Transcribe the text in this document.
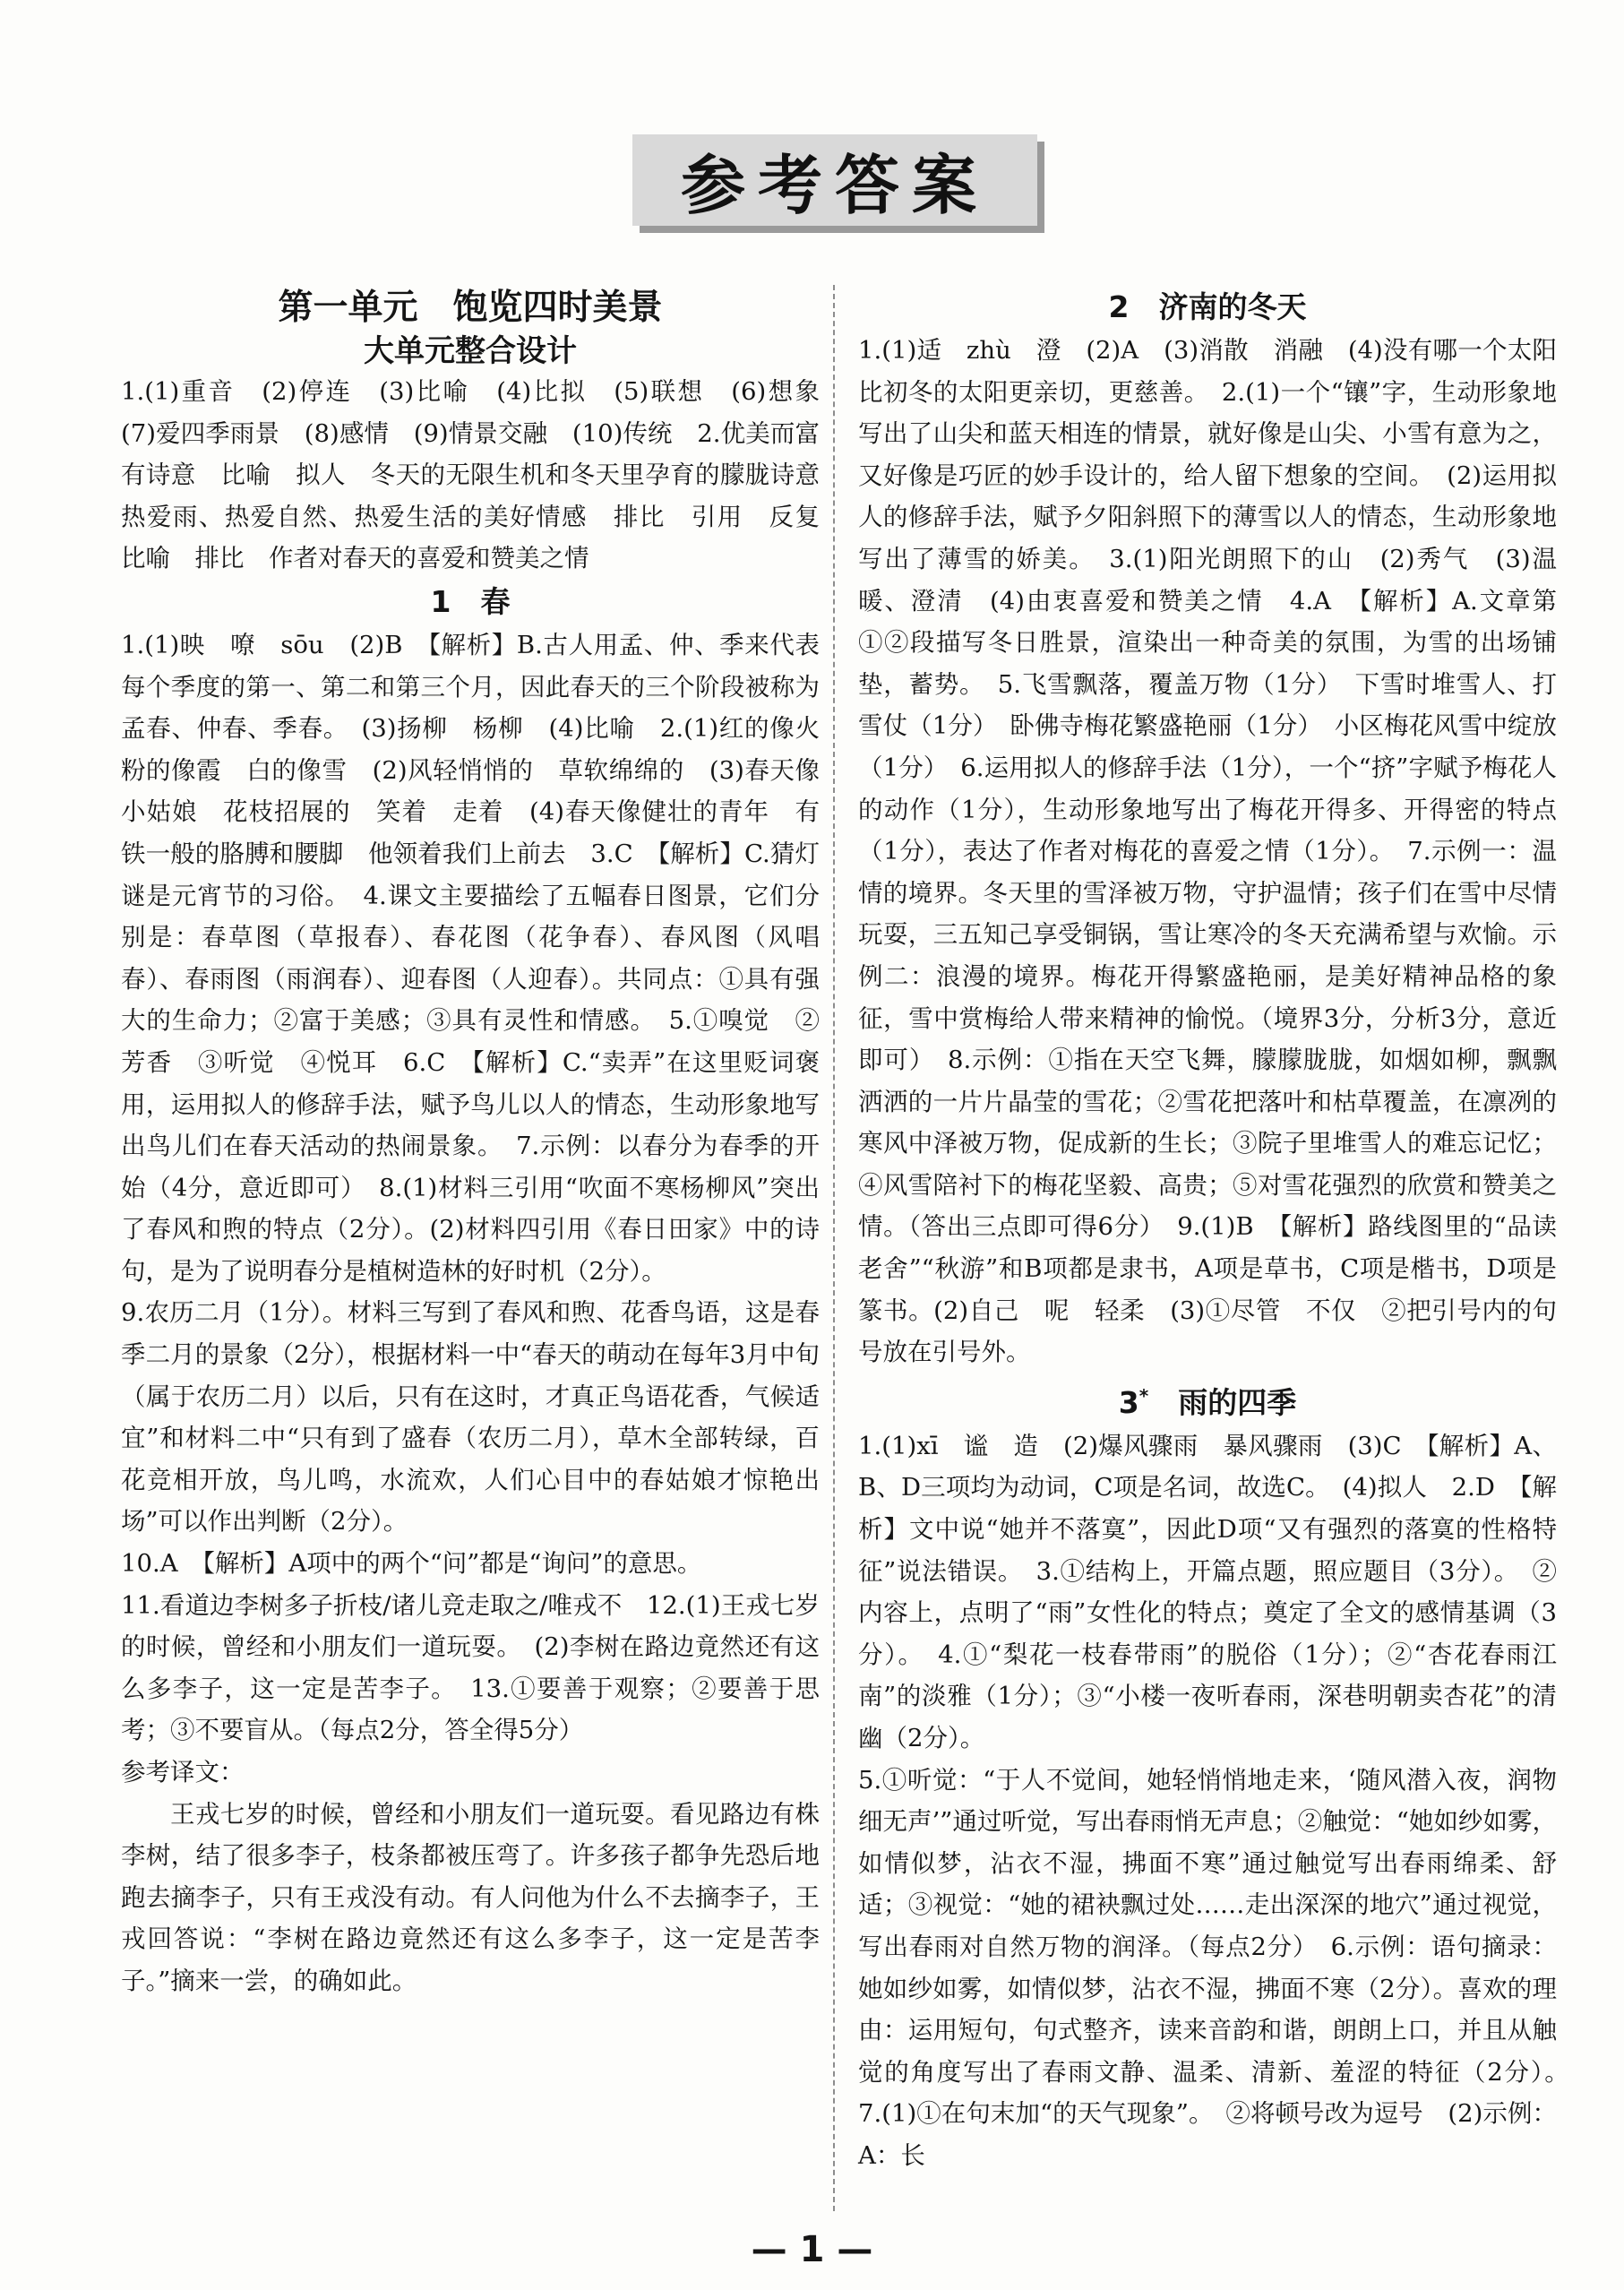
参考答案
第一单元　饱览四时美景
大单元整合设计

1.(1)重音　(2)停连　(3)比喻　(4)比拟　(5)联想　(6)想象　(7)爱四季雨景　(8)感情　(9)情景交融　(10)传统　2.优美而富有诗意　比喻　拟人　冬天的无限生机和冬天里孕育的朦胧诗意　热爱雨、热爱自然、热爱生活的美好情感　排比　引用　反复　比喻　排比　作者对春天的喜爱和赞美之情

1　春

1.(1)映　嘹　sōu　(2)B　【解析】B.古人用孟、仲、季来代表每个季度的第一、第二和第三个月，因此春天的三个阶段被称为孟春、仲春、季春。　(3)扬柳　杨柳　(4)比喻　2.(1)红的像火　粉的像霞　白的像雪　(2)风轻悄悄的　草软绵绵的　(3)春天像小姑娘　花枝招展的　笑着　走着　(4)春天像健壮的青年　有铁一般的胳膊和腰脚　他领着我们上前去　3.C　【解析】C.猜灯谜是元宵节的习俗。　4.课文主要描绘了五幅春日图景，它们分别是：春草图（草报春）、春花图（花争春）、春风图（风唱春）、春雨图（雨润春）、迎春图（人迎春）。共同点：①具有强大的生命力；②富于美感；③具有灵性和情感。　5.①嗅觉　②芳香　③听觉　④悦耳　6.C　【解析】C.“卖弄”在这里贬词褒用，运用拟人的修辞手法，赋予鸟儿以人的情态，生动形象地写出鸟儿们在春天活动的热闹景象。　7.示例：以春分为春季的开始（4分，意近即可）　8.(1)材料三引用“吹面不寒杨柳风”突出了春风和煦的特点（2分）。(2)材料四引用《春日田家》中的诗句，是为了说明春分是植树造林的好时机（2分）。

9.农历二月（1分）。材料三写到了春风和煦、花香鸟语，这是春季二月的景象（2分），根据材料一中“春天的萌动在每年3月中旬（属于农历二月）以后，只有在这时，才真正鸟语花香，气候适宜”和材料二中“只有到了盛春（农历二月），草木全部转绿，百花竞相开放，鸟儿鸣，水流欢，人们心目中的春姑娘才惊艳出场”可以作出判断（2分）。

10.A　【解析】A项中的两个“问”都是“询问”的意思。

11.看道边李树多子折枝/诸儿竞走取之/唯戎不　12.(1)王戎七岁的时候，曾经和小朋友们一道玩耍。　(2)李树在路边竟然还有这么多李子，这一定是苦李子。　13.①要善于观察；②要善于思考；③不要盲从。（每点2分，答全得5分）

参考译文：

王戎七岁的时候，曾经和小朋友们一道玩耍。看见路边有株李树，结了很多李子，枝条都被压弯了。许多孩子都争先恐后地跑去摘李子，只有王戎没有动。有人问他为什么不去摘李子，王戎回答说：“李树在路边竟然还有这么多李子，这一定是苦李子。”摘来一尝，的确如此。

2　济南的冬天

1.(1)适　zhù　澄　(2)A　(3)消散　消融　(4)没有哪一个太阳比初冬的太阳更亲切，更慈善。　2.(1)一个“镶”字，生动形象地写出了山尖和蓝天相连的情景，就好像是山尖、小雪有意为之，又好像是巧匠的妙手设计的，给人留下想象的空间。　(2)运用拟人的修辞手法，赋予夕阳斜照下的薄雪以人的情态，生动形象地写出了薄雪的娇美。　3.(1)阳光朗照下的山　(2)秀气　(3)温暖、澄清　(4)由衷喜爱和赞美之情　4.A　【解析】A.文章第①②段描写冬日胜景，渲染出一种奇美的氛围，为雪的出场铺垫，蓄势。　5.飞雪飘落，覆盖万物（1分）　下雪时堆雪人、打雪仗（1分）　卧佛寺梅花繁盛艳丽（1分）　小区梅花风雪中绽放（1分）　6.运用拟人的修辞手法（1分），一个“挤”字赋予梅花人的动作（1分），生动形象地写出了梅花开得多、开得密的特点（1分），表达了作者对梅花的喜爱之情（1分）。　7.示例一：温情的境界。冬天里的雪泽被万物，守护温情；孩子们在雪中尽情玩耍，三五知己享受铜锅，雪让寒冷的冬天充满希望与欢愉。示例二：浪漫的境界。梅花开得繁盛艳丽，是美好精神品格的象征，雪中赏梅给人带来精神的愉悦。（境界3分，分析3分，意近即可）　8.示例：①指在天空飞舞，朦朦胧胧，如烟如柳，飘飘洒洒的一片片晶莹的雪花；②雪花把落叶和枯草覆盖，在凛冽的寒风中泽被万物，促成新的生长；③院子里堆雪人的难忘记忆；④风雪陪衬下的梅花坚毅、高贵；⑤对雪花强烈的欣赏和赞美之情。（答出三点即可得6分）　9.(1)B　【解析】路线图里的“品读老舍”“秋游”和B项都是隶书，A项是草书，C项是楷书，D项是篆书。(2)自己　呢　轻柔　(3)①尽管　不仅　②把引号内的句号放在引号外。

3*　 雨的四季

1.(1)xī　谧　造　(2)爆风骤雨　暴风骤雨　(3)C　【解析】A、B、D三项均为动词，C项是名词，故选C。　(4)拟人　2.D　【解析】文中说“她并不落寞”，因此D项“又有强烈的落寞的性格特征”说法错误。　3.①结构上，开篇点题，照应题目（3分）。　②内容上，点明了“雨”女性化的特点；奠定了全文的感情基调（3分）。　4.①“梨花一枝春带雨”的脱俗（1分）；②“杏花春雨江南”的淡雅（1分）；③“小楼一夜听春雨，深巷明朝卖杏花”的清幽（2分）。

5.①听觉：“于人不觉间，她轻悄悄地走来，‘随风潜入夜，润物细无声’”通过听觉，写出春雨悄无声息；②触觉：“她如纱如雾，如情似梦，沾衣不湿，拂面不寒”通过触觉写出春雨绵柔、舒适；③视觉：“她的裙袂飘过处……走出深深的地穴”通过视觉，写出春雨对自然万物的润泽。（每点2分）　6.示例：语句摘录：她如纱如雾，如情似梦，沾衣不湿，拂面不寒（2分）。喜欢的理由：运用短句，句式整齐，读来音韵和谐，朗朗上口，并且从触觉的角度写出了春雨文静、温柔、清新、羞涩的特征（2分）。　7.(1)①在句末加“的天气现象”。　②将顿号改为逗号　(2)示例：A：长

— 1 —
